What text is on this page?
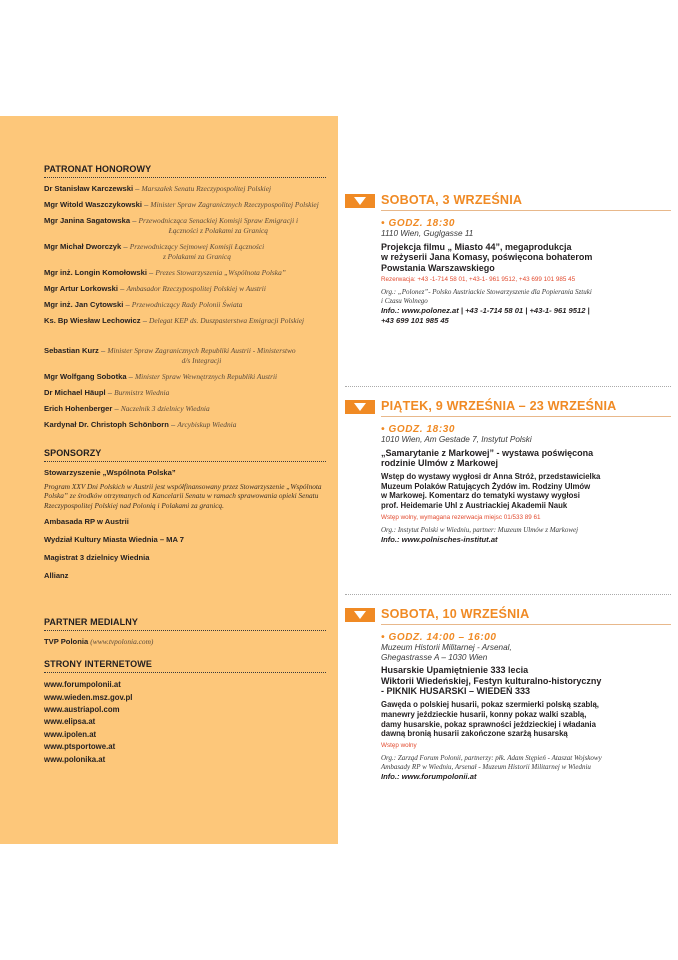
PATRONAT HONOROWY
Dr Stanisław Karczewski – Marszałek Senatu Rzeczypospolitej Polskiej
Mgr Witold Waszczykowski – Minister Spraw Zagranicznych Rzeczypospolitej Polskiej
Mgr Janina Sagatowska – Przewodnicząca Senackiej Komisji Spraw Emigracji i
Łączności z Polakami za Granicą
Mgr Michał Dworczyk – Przewodniczący Sejmowej Komisji Łączności
z Polakami za Granicą
Mgr inż. Longin Komołowski – Prezes Stowarzyszenia „Wspólnota Polska”
Mgr Artur Lorkowski – Ambasador Rzeczypospolitej Polskiej w Austrii
Mgr inż. Jan Cytowski – Przewodniczący Rady Polonii Świata
Ks. Bp Wiesław Lechowicz – Delegat KEP ds. Duszpasterstwa Emigracji Polskiej
Sebastian Kurz – Minister Spraw Zagranicznych Republiki Austrii - Ministerstwo
d/s Integracji
Mgr Wolfgang Sobotka – Minister Spraw Wewnętrznych Republiki Austrii
Dr Michael Häupl – Burmistrz Wiednia
Erich Hohenberger – Naczelnik 3 dzielnicy Wiednia
Kardynał Dr. Christoph Schönborn – Arcybiskup Wiednia
SPONSORZY
Stowarzyszenie „Wspólnota Polska”
Program XXV Dni Polskich w Austrii jest współfinansowany przez Stowarzyszenie „Wspólnota Polska” ze środków otrzymanych od Kancelarii Senatu w ramach sprawowania opieki Senatu Rzeczypospolitej Polskiej nad Polonią i Polakami za granicą.
Ambasada RP w Austrii
Wydział Kultury Miasta Wiednia – MA 7
Magistrat 3 dzielnicy Wiednia
Allianz
PARTNER MEDIALNY
TVP Polonia
(www.tvpolonia.com)
STRONY INTERNETOWE
www.forumpolonii.at
www.wieden.msz.gov.pl
www.austriapol.com
www.elipsa.at
www.ipolen.at
www.ptsportowe.at
www.polonika.at
SOBOTA, 3 WRZEŚNIA
• GODZ. 18:30
1110 Wien, Guglgasse 11
Projekcja filmu „ Miasto 44”, megaprodukcja
w reżyserii Jana Komasy, poświęcona bohaterom
Powstania Warszawskiego
Rezerwacja: +43 -1-714 58 01, +43-1- 961 9512, +43 699 101 985 45
Org.: „Polonez”- Polsko Austriackie Stowarzyszenie dla Popierania Sztuki
i Czasu Wolnego
Info.: www.polonez.at | +43 -1-714 58 01 | +43-1- 961 9512 |
+43 699 101 985 45
PIĄTEK, 9 WRZEŚNIA – 23 WRZEŚNIA
• GODZ. 18:30
1010 Wien, Am Gestade 7, Instytut Polski
„Samarytanie z Markowej” - wystawa poświęcona
rodzinie Ulmów z Markowej
Wstęp do wystawy wygłosi dr Anna Stróż, przedstawicielka
Muzeum Polaków Ratujących Żydów im. Rodziny Ulmów
w Markowej. Komentarz do tematyki wystawy wygłosi
prof. Heidemarie Uhl z Austriackiej Akademii Nauk
Wstęp wolny, wymagana rezerwacja miejsc 01/533 89 61
Org.: Instytut Polski w Wiedniu, partner: Muzeum Ulmów z Markowej
Info.: www.polnisches-institut.at
SOBOTA, 10 WRZEŚNIA
• GODZ. 14:00 – 16:00
Muzeum Historii Militarnej - Arsenal,
Ghegastrasse A – 1030 Wien
Husarskie Upamiętnienie 333 lecia
Wiktorii Wiedeńskiej, Festyn kulturalno-historyczny
- PIKNIK HUSARSKI – WIEDEŃ 333
Gawęda o polskiej husarii, pokaz szermierki polską szablą,
manewry jeździeckie husarii, konny pokaz walki szablą,
damy husarskie, pokaz sprawności jeździeckiej i władania
dawną bronią husarii zakończone szarżą husarską
Wstęp wolny
Org.: Zarząd Forum Polonii, partnerzy: płk. Adam Stępień - Ataszat Wojskowy
Ambasady RP w Wiedniu, Arsenał - Muzeum Historii Militarnej w Wiedniu
Info.: www.forumpolonii.at
